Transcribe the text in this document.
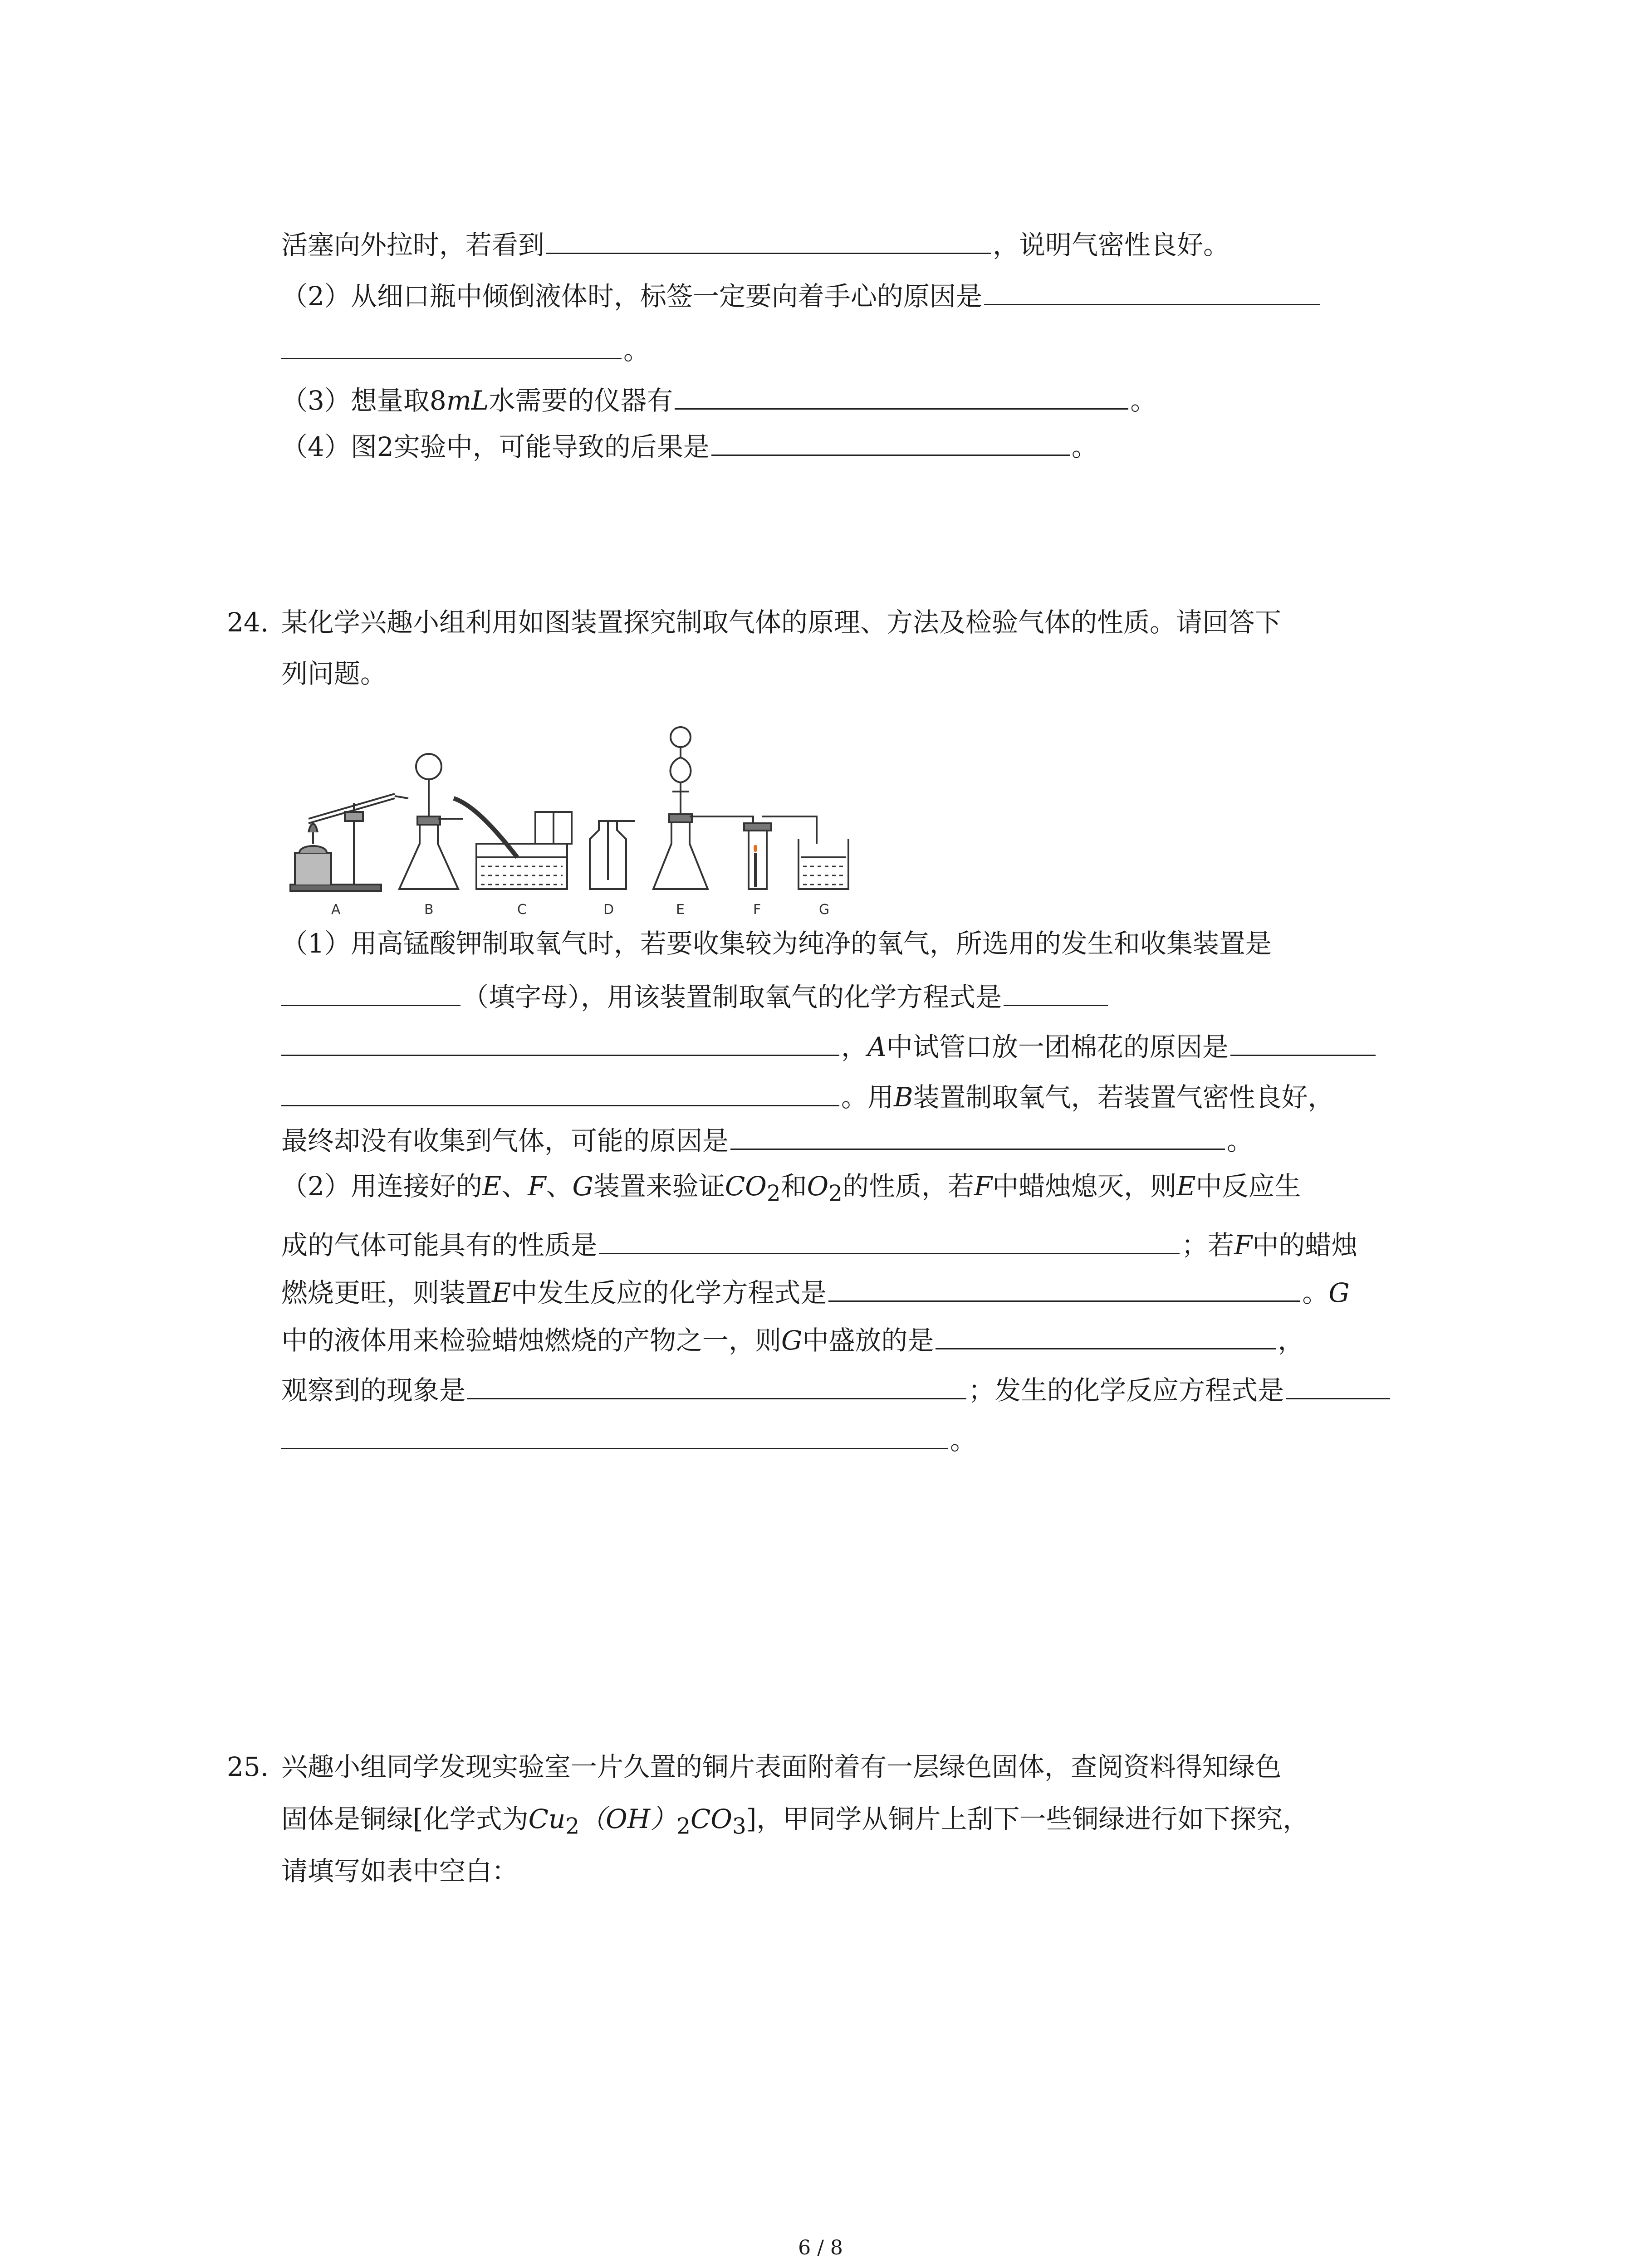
活塞向外拉时，若看到	，说明气密性良好。
（2）从细口瓶中倾倒液体时，标签一定要向着手心的原因是
。
（3）想量取8mL水需要的仪器有	。
（4）图2实验中，可能导致的后果是	。
24. 某化学兴趣小组利用如图装置探究制取气体的原理、方法及检验气体的性质。请回答下
列问题。
A	B	C	D	E	F	G
（1）用高锰酸钾制取氧气时，若要收集较为纯净的氧气，所选用的发生和收集装置是
（填字母），用该装置制取氧气的化学方程式是
，A中试管口放一团棉花的原因是
。用B装置制取氧气，若装置气密性良好，
最终却没有收集到气体，可能的原因是	。
（2）用连接好的E、F、G装置来验证$CO_2$和$O_2$的性质，若F中蜡烛熄灭，则E中反应生
成的气体可能具有的性质是	；若F中的蜡烛
燃烧更旺，则装置E中发生反应的化学方程式是	。G
中的液体用来检验蜡烛燃烧的产物之一，则G中盛放的是	，
观察到的现象是	；发生的化学反应方程式是
。
25. 兴趣小组同学发现实验室一片久置的铜片表面附着有一层绿色固体，查阅资料得知绿色
固体是铜绿[化学式为$Cu_2(OH)_2CO_3$]，甲同学从铜片上刮下一些铜绿进行如下探究，
请填写如表中空白：
6 / 8
